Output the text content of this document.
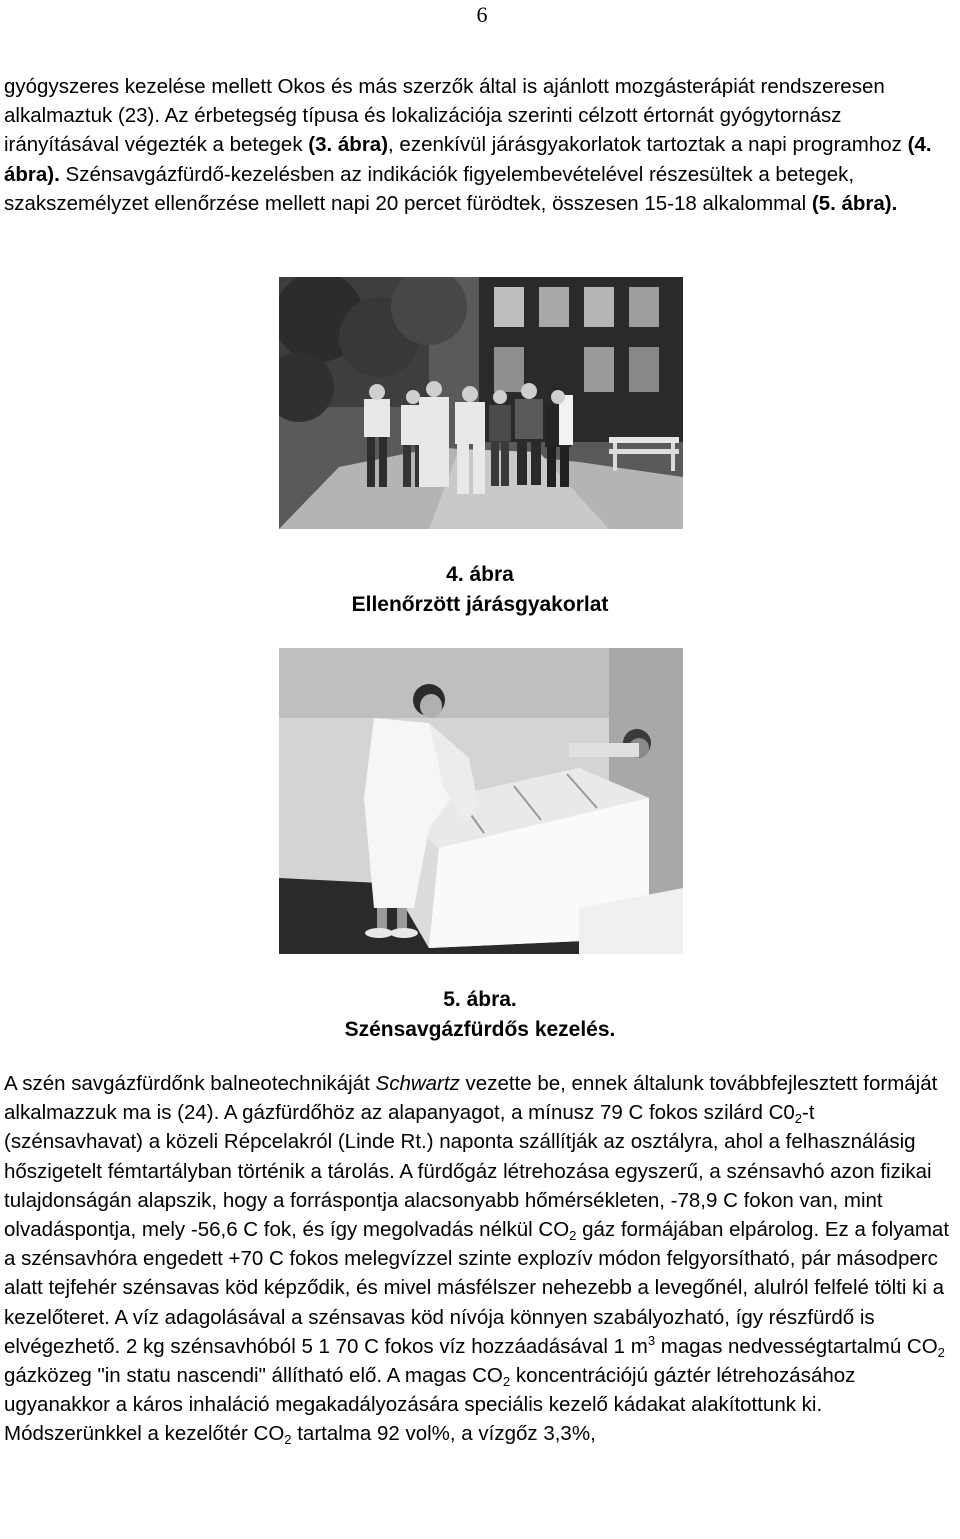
6

gyógyszeres kezelése mellett Okos és más szerzők által is ajánlott mozgásterápiát rendszeresen alkalmaztuk (23). Az érbetegség típusa és lokalizációja szerinti célzott értornát gyógytornász irányításával végezték a betegek (3. ábra), ezenkívül járásgyakorlatok tartoztak a napi programhoz (4. ábra). Szénsavgázfürdő-kezelésben az indikációk figyelembevételével részesültek a betegek, szakszemélyzet ellenőrzése mellett napi 20 percet fürödtek, összesen 15-18 alkalommal (5. ábra).

4. ábra

Ellenőrzött járásgyakorlat

5. ábra.

Szénsavgázfürdős kezelés.

A szén savgázfürdőnk balneotechnikáját Schwartz vezette be, ennek általunk továbbfejlesztett formáját alkalmazzuk ma is (24). A gázfürdőhöz az alapanyagot, a mínusz 79 C fokos szilárd $C0_2-t$ (szénsavhavat) a közeli Répcelakról (Linde Rt.) naponta szállítják az osztályra, ahol a felhasználásig hőszigetelt fémtartályban történik a tárolás. A fürdőgáz létrehozása egyszerű, a szénsavhó azon fizikai tulajdonságán alapszik, hogy a forráspontja alacsonyabb hőmérsékleten, -78,9 C fokon van, mint olvadáspontja, mely -56,6 C fok, és így megolvadás nélkül $CO_2$ gáz formájában elpárolog. Ez a folyamat a szénsavhóra engedett +70 C fokos melegvízzel szinte explozív módon felgyorsítható, pár másodperc alatt tejfehér szénsavas köd képződik, és mivel másfélszer nehezebb a levegőnél, alulról felfelé tölti ki a kezelőteret. A víz adagolásával a szénsavas köd nívója könnyen szabályozható, így részfürdő is elvégezhető. 2 kg szénsavhóból 5 1 70 C fokos víz hozzáadásával 1 $m^3$ magas nedvességtartalmú $CO_2$ gázközeg "in statu nascendi" állítható elő. A magas $CO_2$ koncentrációjú gáztér létrehozásához ugyanakkor a káros inhaláció megakadályozására speciális kezelő kádakat alakítottunk ki. Módszerünkkel a kezelőtér $CO_2$ tartalma 92 vol%, a vízgőz 3,3%,
